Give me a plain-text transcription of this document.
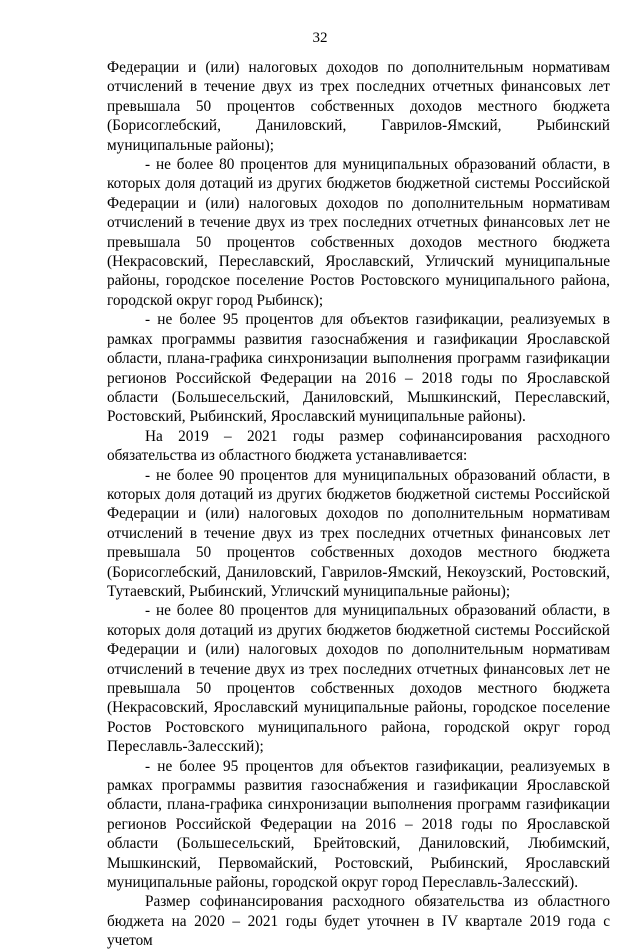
32

Федерации и (или) налоговых доходов по дополнительным нормативам отчислений в течение двух из трех последних отчетных финансовых лет превышала 50 процентов собственных доходов местного бюджета (Борисоглебский, Даниловский, Гаврилов-Ямский, Рыбинский муниципальные районы);

- не более 80 процентов для муниципальных образований области, в которых доля дотаций из других бюджетов бюджетной системы Российской Федерации и (или) налоговых доходов по дополнительным нормативам отчислений в течение двух из трех последних отчетных финансовых лет не превышала 50 процентов собственных доходов местного бюджета (Некрасовский, Переславский, Ярославский, Угличский муниципальные районы, городское поселение Ростов Ростовского муниципального района, городской округ город Рыбинск);

- не более 95 процентов для объектов газификации, реализуемых в рамках программы развития газоснабжения и газификации Ярославской области, плана-графика синхронизации выполнения программ газификации регионов Российской Федерации на 2016 – 2018 годы по Ярославской области (Большесельский, Даниловский, Мышкинский, Переславский, Ростовский, Рыбинский, Ярославский муниципальные районы).

На 2019 – 2021 годы размер софинансирования расходного обязательства из областного бюджета устанавливается:

- не более 90 процентов для муниципальных образований области, в которых доля дотаций из других бюджетов бюджетной системы Российской Федерации и (или) налоговых доходов по дополнительным нормативам отчислений в течение двух из трех последних отчетных финансовых лет превышала 50 процентов собственных доходов местного бюджета (Борисоглебский, Даниловский, Гаврилов-Ямский, Некоузский, Ростовский, Тутаевский, Рыбинский, Угличский муниципальные районы);

- не более 80 процентов для муниципальных образований области, в которых доля дотаций из других бюджетов бюджетной системы Российской Федерации и (или) налоговых доходов по дополнительным нормативам отчислений в течение двух из трех последних отчетных финансовых лет не превышала 50 процентов собственных доходов местного бюджета (Некрасовский, Ярославский муниципальные районы, городское поселение Ростов Ростовского муниципального района, городской округ город Переславль-Залесский);

- не более 95 процентов для объектов газификации, реализуемых в рамках программы развития газоснабжения и газификации Ярославской области, плана-графика синхронизации выполнения программ газификации регионов Российской Федерации на 2016 – 2018 годы по Ярославской области (Большесельский, Брейтовский, Даниловский, Любимский, Мышкинский, Первомайский, Ростовский, Рыбинский, Ярославский муниципальные районы, городской округ город Переславль-Залесский).

Размер софинансирования расходного обязательства из областного бюджета на 2020 – 2021 годы будет уточнен в IV квартале 2019 года с учетом
